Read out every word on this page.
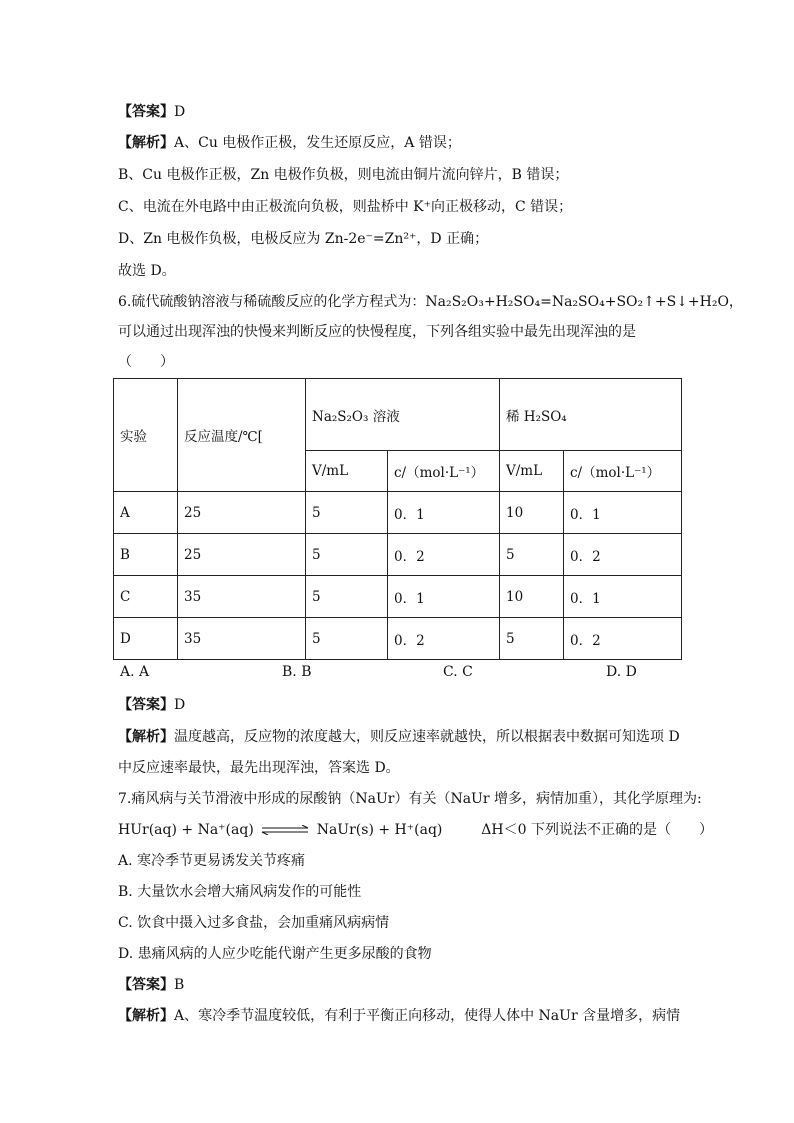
【答案】D
【解析】A、Cu 电极作正极，发生还原反应，A 错误；
B、Cu 电极作正极，Zn 电极作负极，则电流由铜片流向锌片，B 错误；
C、电流在外电路中由正极流向负极，则盐桥中 K⁺向正极移动，C 错误；
D、Zn 电极作负极，电极反应为 Zn-2e⁻=Zn²⁺，D 正确；
故选 D。
6.硫代硫酸钠溶液与稀硫酸反应的化学方程式为：Na₂S₂O₃+H₂SO₄=Na₂SO₄+SO₂↑+S↓+H₂O，
可以通过出现浑浊的快慢来判断反应的快慢程度，下列各组实验中最先出现浑浊的是
（　　）
实验	反应温度/℃[	Na₂S₂O₃ 溶液		稀 H₂SO₄	
		V/mL	c/（mol·L⁻¹）	V/mL	c/（mol·L⁻¹）
A	25	5	0．1	10	0．1
B	25	5	0．2	5	0．2
C	35	5	0．1	10	0．1
D	35	5	0．2	5	0．2
A. A	B. B	C. C	D. D
【答案】D
【解析】温度越高，反应物的浓度越大，则反应速率就越快，所以根据表中数据可知选项 D
中反应速率最快，最先出现浑浊，答案选 D。
7.痛风病与关节滑液中形成的尿酸钠（NaUr）有关（NaUr 增多，病情加重），其化学原理为:
HUr(aq) + Na⁺(aq) ⇌ NaUr(s) + H⁺(aq)	ΔH＜0 下列说法不正确的是（　　）
A. 寒冷季节更易诱发关节疼痛
B. 大量饮水会增大痛风病发作的可能性
C. 饮食中摄入过多食盐，会加重痛风病病情
D. 患痛风病的人应少吃能代谢产生更多尿酸的食物
【答案】B
【解析】A、寒冷季节温度较低，有利于平衡正向移动，使得人体中 NaUr 含量增多，病情
